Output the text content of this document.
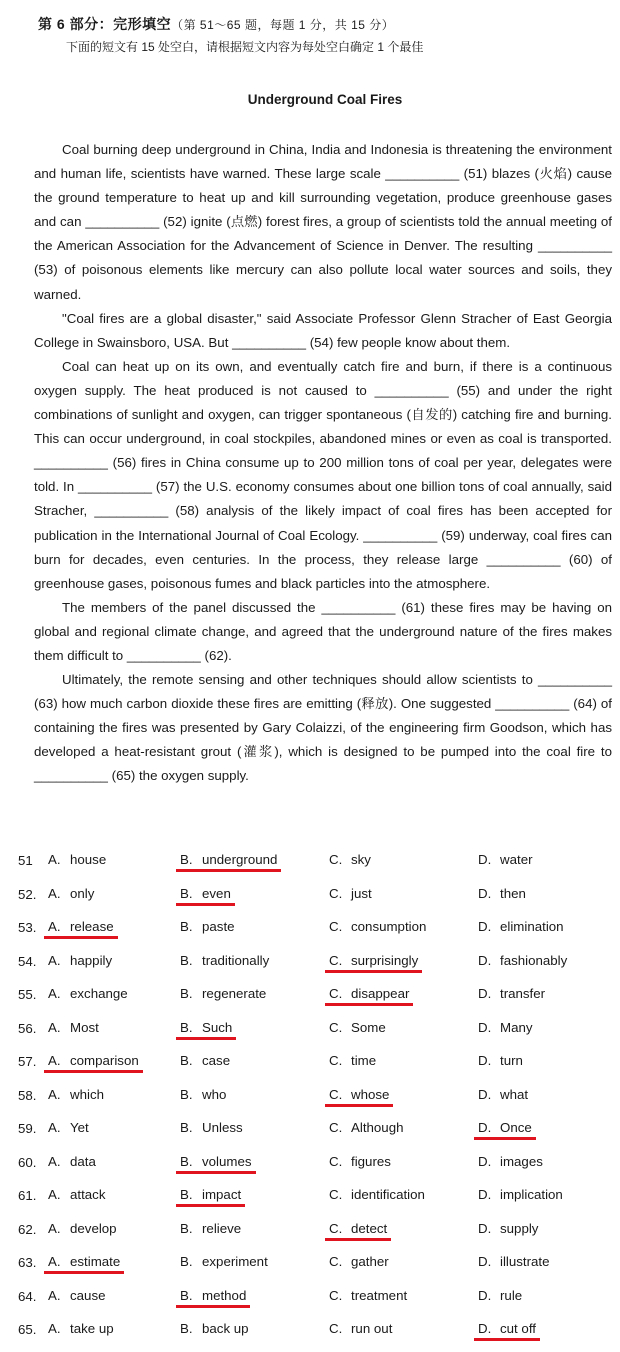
第 6 部分：完形填空（第 51～65 题，每题 1 分，共 15 分）
下面的短文有 15 处空白，请根据短文内容为每处空白确定 1 个最佳
Underground Coal Fires

Coal burning deep underground in China, India and Indonesia is threatening the environment and human life, scientists have warned. These large scale __________ (51) blazes (火焰) cause the ground temperature to heat up and kill surrounding vegetation, produce greenhouse gases and can __________ (52) ignite (点燃) forest fires, a group of scientists told the annual meeting of the American Association for the Advancement of Science in Denver. The resulting __________ (53) of poisonous elements like mercury can also pollute local water sources and soils, they warned.

"Coal fires are a global disaster," said Associate Professor Glenn Stracher of East Georgia College in Swainsboro, USA. But __________ (54) few people know about them.

Coal can heat up on its own, and eventually catch fire and burn, if there is a continuous oxygen supply. The heat produced is not caused to __________ (55) and under the right combinations of sunlight and oxygen, can trigger spontaneous (自发的) catching fire and burning. This can occur underground, in coal stockpiles, abandoned mines or even as coal is transported. __________ (56) fires in China consume up to 200 million tons of coal per year, delegates were told. In __________ (57) the U.S. economy consumes about one billion tons of coal annually, said Stracher, __________ (58) analysis of the likely impact of coal fires has been accepted for publication in the International Journal of Coal Ecology. __________ (59) underway, coal fires can burn for decades, even centuries. In the process, they release large __________ (60) of greenhouse gases, poisonous fumes and black particles into the atmosphere.

The members of the panel discussed the __________ (61) these fires may be having on global and regional climate change, and agreed that the underground nature of the fires makes them difficult to __________ (62).

Ultimately, the remote sensing and other techniques should allow scientists to __________ (63) how much carbon dioxide these fires are emitting (释放). One suggested __________ (64) of containing the fires was presented by Gary Colaizzi, of the engineering firm Goodson, which has developed a heat-resistant grout (灌浆), which is designed to be pumped into the coal fire to __________ (65) the oxygen supply.

51	A. house	B. underground	C. sky	D. water
52. A. only	B. even	C. just	D. then
53. A. release	B. paste	C. consumption	D. elimination
54. A. happily	B. traditionally	C. surprisingly	D. fashionably
55. A. exchange	B. regenerate	C. disappear	D. transfer
56. A. Most	B. Such	C. Some	D. Many
57. A. comparison	B. case	C. time	D. turn
58. A. which	B. who	C. whose	D. what
59. A. Yet	B. Unless	C. Although	D. Once
60. A. data	B. volumes	C. figures	D. images
61. A. attack	B. impact	C. identification	D. implication
62. A. develop	B. relieve	C. detect	D. supply
63. A. estimate	B. experiment	C. gather	D. illustrate
64. A. cause	B. method	C. treatment	D. rule
65. A. take up	B. back up	C. run out	D. cut off
